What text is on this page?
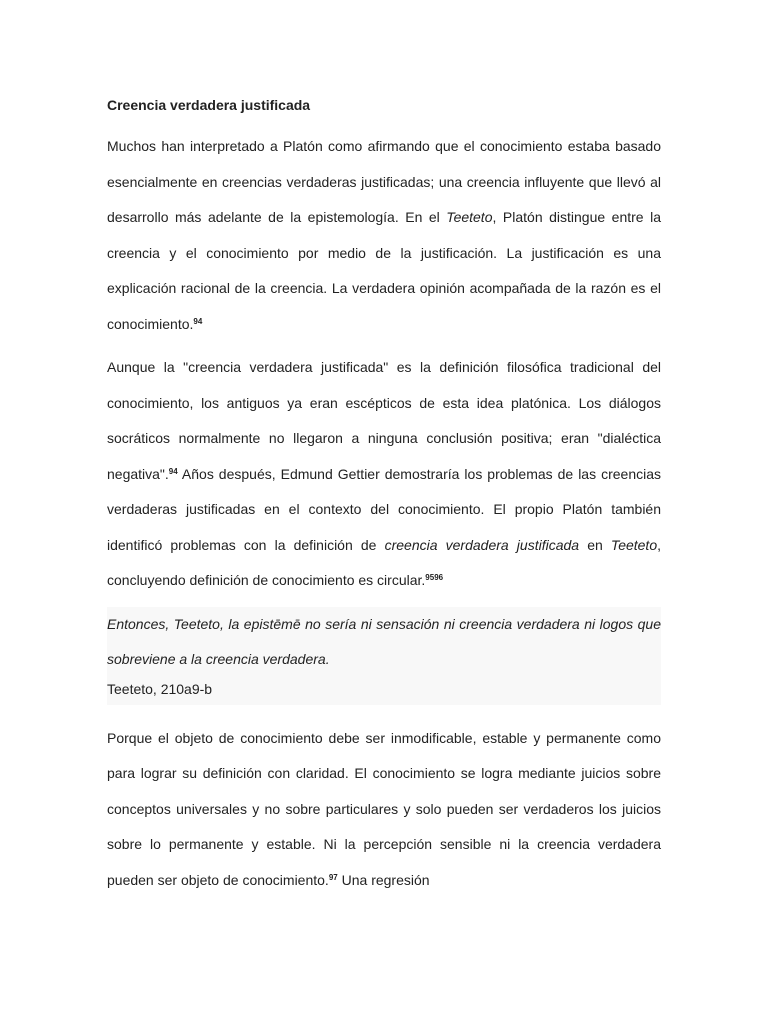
Creencia verdadera justificada

Muchos han interpretado a Platón como afirmando que el conocimiento estaba basado esencialmente en creencias verdaderas justificadas; una creencia influyente que llevó al desarrollo más adelante de la epistemología. En el Teeteto, Platón distingue entre la creencia y el conocimiento por medio de la justificación. La justificación es una explicación racional de la creencia. La verdadera opinión acompañada de la razón es el conocimiento.$^{94}$

Aunque la "creencia verdadera justificada" es la definición filosófica tradicional del conocimiento, los antiguos ya eran escépticos de esta idea platónica. Los diálogos socráticos normalmente no llegaron a ninguna conclusión positiva; eran "dialéctica negativa".$^{94}$ Años después, Edmund Gettier demostraría los problemas de las creencias verdaderas justificadas en el contexto del conocimiento. El propio Platón también identificó problemas con la definición de creencia verdadera justificada en Teeteto, concluyendo definición de conocimiento es circular.$^{9596}$

Entonces, Teeteto, la epistēmē no sería ni sensación ni creencia verdadera ni logos que sobreviene a la creencia verdadera.

Teeteto, 210a9-b

Porque el objeto de conocimiento debe ser inmodificable, estable y permanente como para lograr su definición con claridad. El conocimiento se logra mediante juicios sobre conceptos universales y no sobre particulares y solo pueden ser verdaderos los juicios sobre lo permanente y estable. Ni la percepción sensible ni la creencia verdadera pueden ser objeto de conocimiento.$^{97}$ Una regresión
